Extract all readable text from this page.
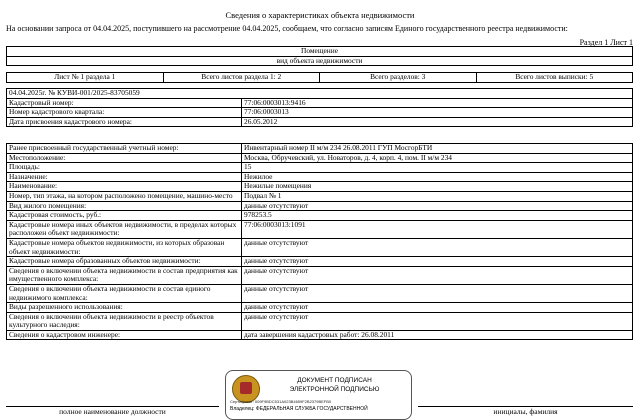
Сведения о характеристиках объекта недвижимости
На основании запроса от 04.04.2025, поступившего на рассмотрение 04.04.2025, сообщаем, что согласно записям Единого государственного реестра недвижимости:
Раздел 1 Лист 1
Помещение
вид объекта недвижимости
Лист № 1 раздела 1	Всего листов раздела 1: 2	Всего разделов: 3	Всего листов выписки: 5
04.04.2025г. № КУВИ-001/2025-83705059	
Кадастровый номер:	77:06:0003013:9416
Номер кадастрового квартала:	77:06:0003013
Дата присвоения кадастрового номера:	26.05.2012
Ранее присвоенный государственный учетный номер:	Инвентарный номер II м/м 234 26.08.2011 ГУП МосгорБТИ
Местоположение:	Москва, Обручевский, ул. Новаторов, д. 4, корп. 4, пом. II м/м 234
Площадь:	15
Назначение:	Нежилое
Наименование:	Нежилые помещения
Номер, тип этажа, на котором расположено помещение, машино-место	Подвал № 1
Вид жилого помещения:	данные отсутствуют
Кадастровая стоимость, руб.:	978253.5
Кадастровые номера иных объектов недвижимости, в пределах которых расположен объект недвижимости:	77:06:0003013:1091
Кадастровые номера объектов недвижимости, из которых образован объект недвижимости:	данные отсутствуют
Кадастровые номера образованных объектов недвижимости:	данные отсутствуют
Сведения о включении объекта недвижимости в состав предприятия как имущественного комплекса:	данные отсутствуют
Сведения о включении объекта недвижимости в состав единого недвижимого комплекса:	данные отсутствуют
Виды разрешенного использования:	данные отсутствуют
Сведения о включении объекта недвижимости в реестр объектов культурного наследия:	данные отсутствуют
Сведения о кадастровом инженере:	дата завершения кадастровых работ: 26.08.2011
ДОКУМЕНТ ПОДПИСАН
ЭЛЕКТРОННОЙ ПОДПИСЬЮ
Сертификат: 009F9BDC531A023B4659F2B2379BEFB0
Владелец: ФЕДЕРАЛЬНАЯ СЛУЖБА ГОСУДАРСТВЕННОЙ
полное наименование должности	инициалы, фамилия
